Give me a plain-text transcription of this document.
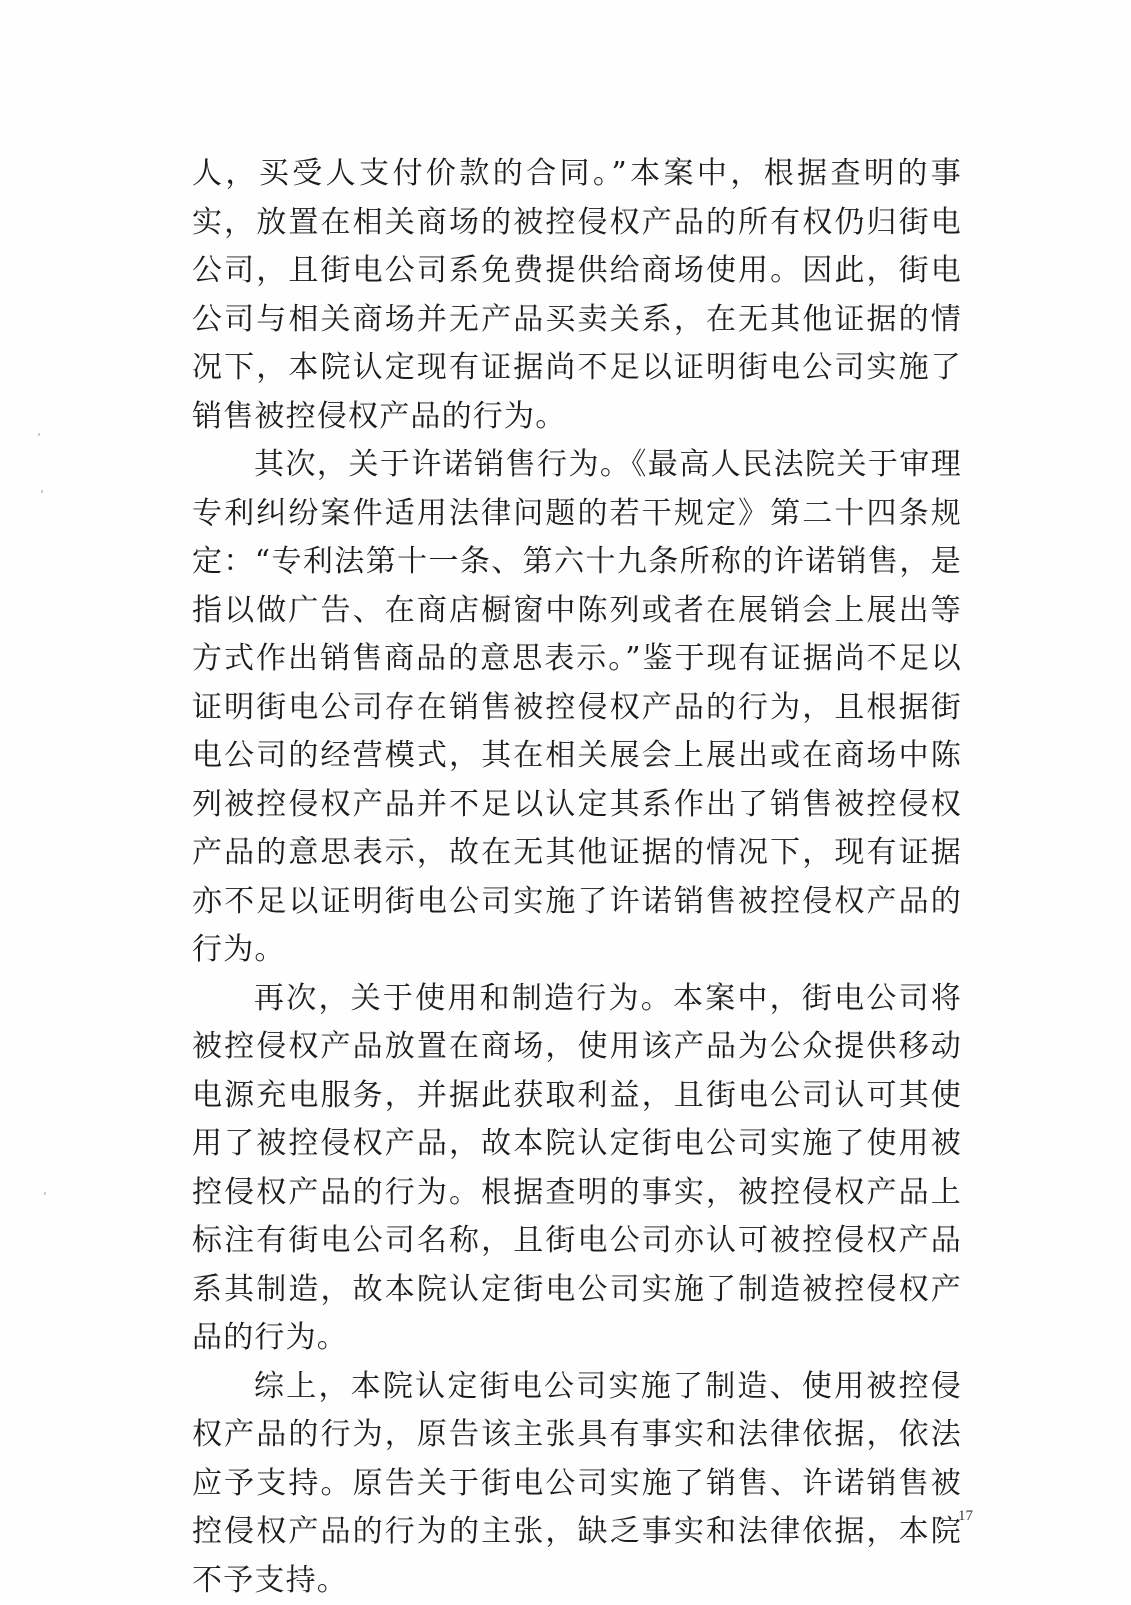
人，买受人支付价款的合同。”本案中，根据查明的事实，放置在相关商场的被控侵权产品的所有权仍归街电公司，且街电公司系免费提供给商场使用。因此，街电公司与相关商场并无产品买卖关系，在无其他证据的情况下，本院认定现有证据尚不足以证明街电公司实施了销售被控侵权产品的行为。

其次，关于许诺销售行为。《最高人民法院关于审理专利纠纷案件适用法律问题的若干规定》第二十四条规定：“专利法第十一条、第六十九条所称的许诺销售，是指以做广告、在商店橱窗中陈列或者在展销会上展出等方式作出销售商品的意思表示。”鉴于现有证据尚不足以证明街电公司存在销售被控侵权产品的行为，且根据街电公司的经营模式，其在相关展会上展出或在商场中陈列被控侵权产品并不足以认定其系作出了销售被控侵权产品的意思表示，故在无其他证据的情况下，现有证据亦不足以证明街电公司实施了许诺销售被控侵权产品的行为。

再次，关于使用和制造行为。本案中，街电公司将被控侵权产品放置在商场，使用该产品为公众提供移动电源充电服务，并据此获取利益，且街电公司认可其使用了被控侵权产品，故本院认定街电公司实施了使用被控侵权产品的行为。根据查明的事实，被控侵权产品上标注有街电公司名称，且街电公司亦认可被控侵权产品系其制造，故本院认定街电公司实施了制造被控侵权产品的行为。

综上，本院认定街电公司实施了制造、使用被控侵权产品的行为，原告该主张具有事实和法律依据，依法应予支持。原告关于街电公司实施了销售、许诺销售被控侵权产品的行为的主张，缺乏事实和法律依据，本院不予支持。

17
